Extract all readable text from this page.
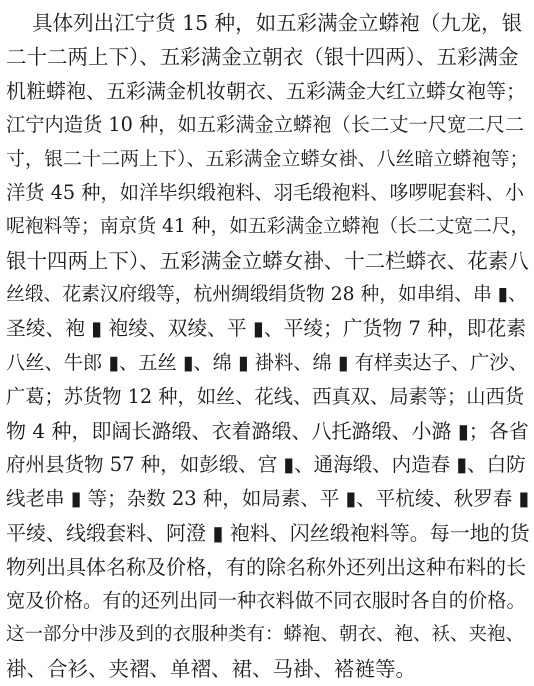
具体列出江宁货 15 种，如五彩满金立蟒袍（九龙，银
二十二两上下）、五彩满金立朝衣（银十四两）、五彩满金
机粧蟒袍、五彩满金机妆朝衣、五彩满金大红立蟒女袍等；
江宁内造货 10 种，如五彩满金立蟒袍（长二丈一尺宽二尺二
寸，银二十二两上下）、五彩满金立蟒女褂、八丝暗立蟒袍等；
洋货 45 种，如洋毕织缎袍料、羽毛缎袍料、哆啰呢套料、小
呢袍料等；南京货 41 种，如五彩满金立蟒袍（长二丈宽二尺，
银十四两上下）、五彩满金立蟒女褂、十二栏蟒衣、花素八
丝缎、花素汉府缎等，杭州绸缎绢货物 28 种，如串绢、串 ▮、
圣绫、袍 ▮ 袍绫、双绫、平 ▮、平绫；广货物 7 种，即花素
八丝、牛郎 ▮、五丝 ▮、绵 ▮ 褂料、绵 ▮ 有样卖达子、广沙、
广葛；苏货物 12 种，如丝、花线、西真双、局素等；山西货
物 4 种，即阔长潞缎、衣着潞缎、八托潞缎、小潞 ▮；各省
府州县货物 57 种，如彭缎、宫 ▮、通海缎、内造春 ▮、白防
线老串 ▮ 等；杂数 23 种，如局素、平 ▮、平杭绫、秋罗春 ▮
平绫、线缎套料、阿澄 ▮ 袍料、闪丝缎袍料等。每一地的货
物列出具体名称及价格，有的除名称外还列出这种布料的长
宽及价格。有的还列出同一种衣料做不同衣服时各自的价格。
这一部分中涉及到的衣服种类有：蟒袍、朝衣、袍、袄、夹袍、
褂、合衫、夹褶、单褶、裙、马褂、褡裢等。
